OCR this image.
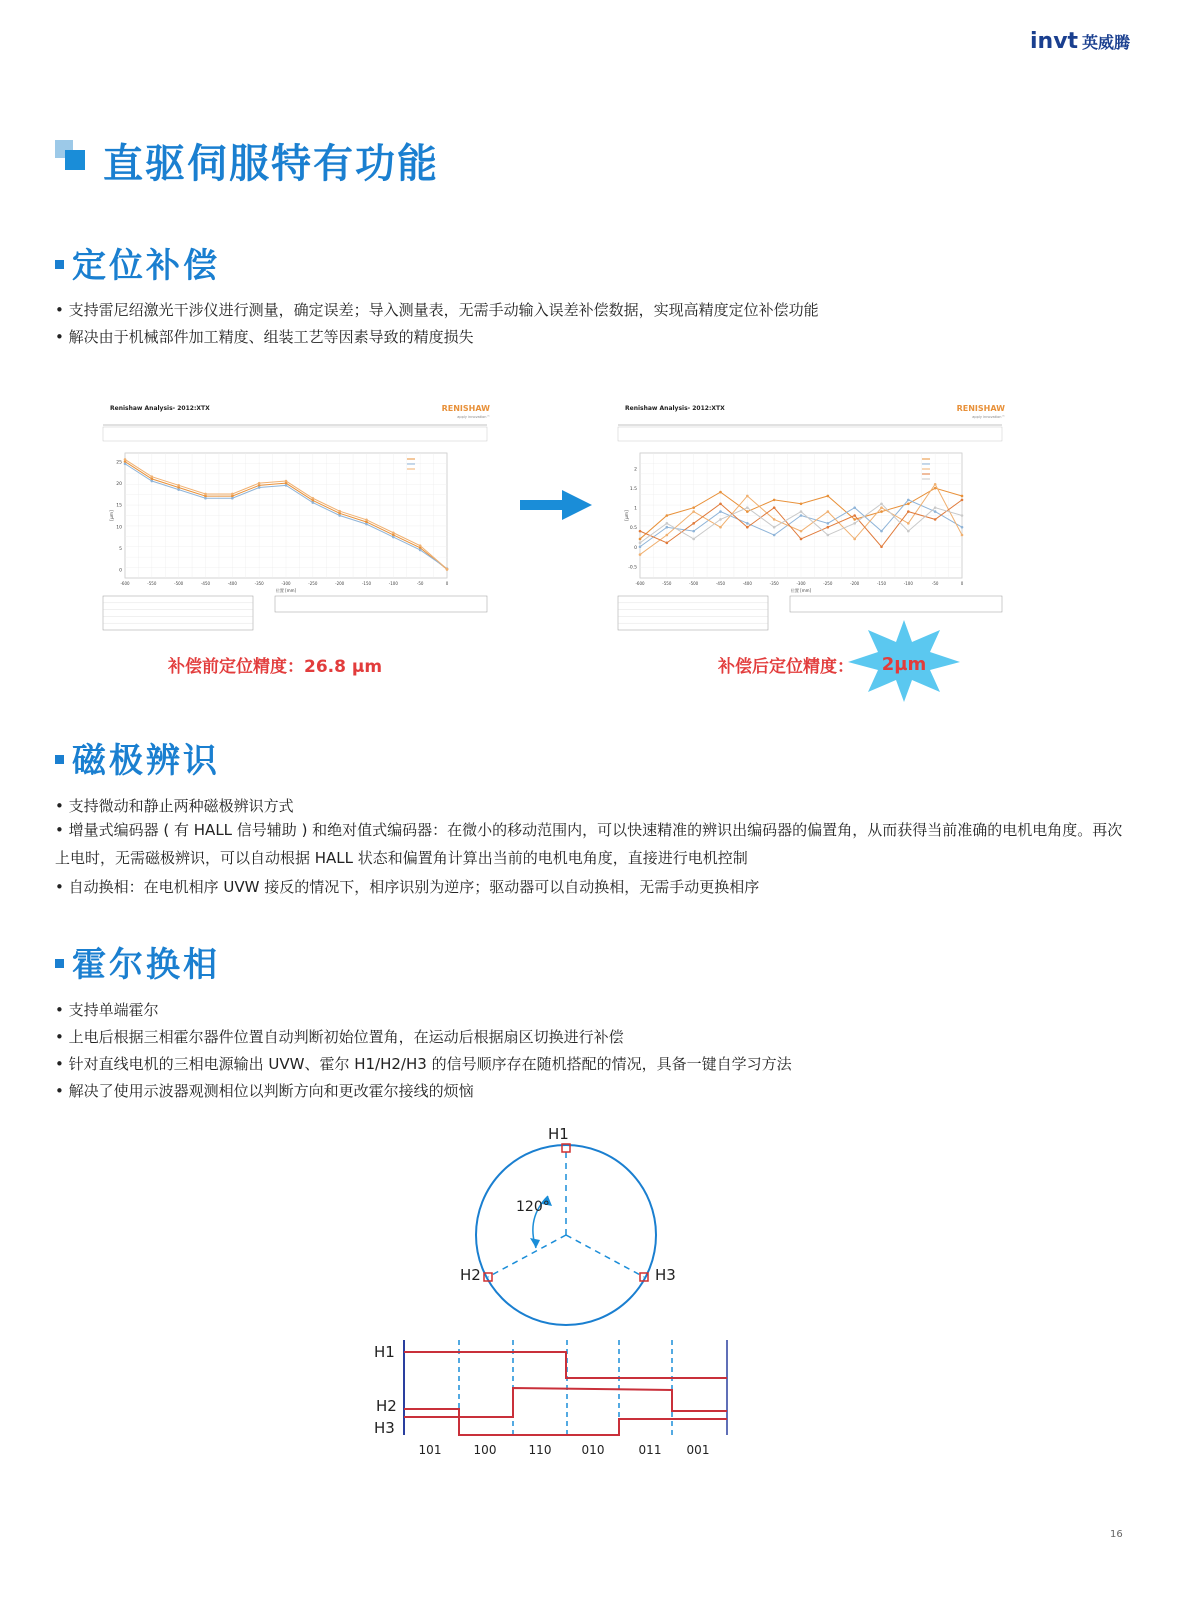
invt 英威腾
直驱伺服特有功能
定位补偿
• 支持雷尼绍激光干涉仪进行测量，确定误差；导入测量表，无需手动输入误差补偿数据，实现高精度定位补偿功能
• 解决由于机械部件加工精度、组装工艺等因素导致的精度损失
Renishaw Analysis- 2012:XTX	RENISHAW
apply innovation™
0
5
10
15
20
25
-600	-550	-500	-450	-400	-350	-300	-250	-200	-150	-100	-50	0
位置 [mm]
[µm]
补偿前定位精度：26.8 µm
Renishaw Analysis- 2012:XTX	RENISHAW
apply innovation™
-0.5
0
0.5
1
1.5
2
-600	-550	-500	-450	-400	-350	-300	-250	-200	-150	-100	-50	0
位置 [mm]
[µm]
补偿后定位精度： 2µm
磁极辨识
• 支持微动和静止两种磁极辨识方式
• 增量式编码器 ( 有 HALL 信号辅助 ) 和绝对值式编码器：在微小的移动范围内，可以快速精准的辨识出编码器的偏置角，从而获得当前准确的电机电角度。再次上电时，无需磁极辨识，可以自动根据 HALL 状态和偏置角计算出当前的电机电角度，直接进行电机控制
• 自动换相：在电机相序 UVW 接反的情况下，相序识别为逆序；驱动器可以自动换相，无需手动更换相序
霍尔换相
• 支持单端霍尔
• 上电后根据三相霍尔器件位置自动判断初始位置角，在运动后根据扇区切换进行补偿
• 针对直线电机的三相电源输出 UVW、霍尔 H1/H2/H3 的信号顺序存在随机搭配的情况，具备一键自学习方法
• 解决了使用示波器观测相位以判断方向和更改霍尔接线的烦恼
H1
H2	H3
120°
H1
H2
H3
101	100	110	010	011 001
16
